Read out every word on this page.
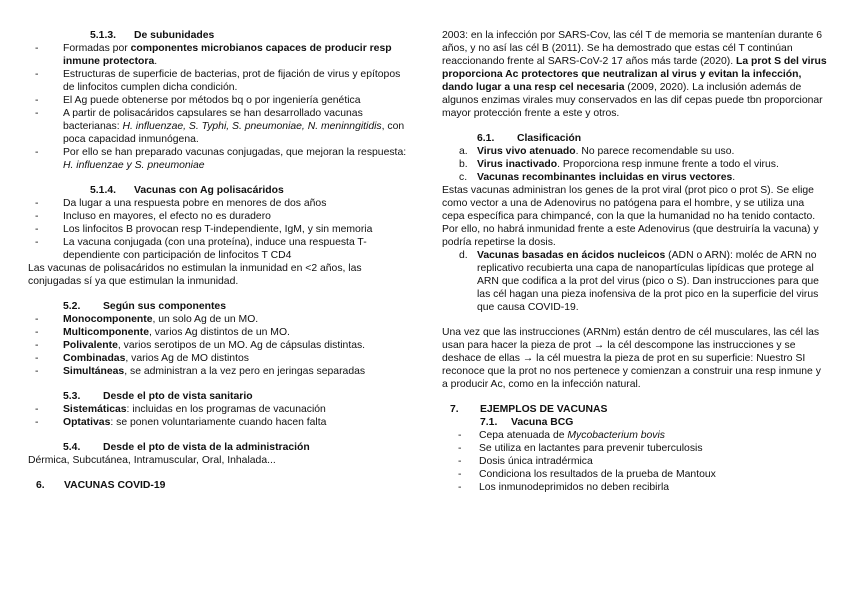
5.1.3. De subunidades

- Formadas por componentes microbianos capaces de producir resp inmune protectora.
- Estructuras de superficie de bacterias, prot de fijación de virus y epítopos de linfocitos cumplen dicha condición.
- El Ag puede obtenerse por métodos bq o por ingeniería genética
- A partir de polisacáridos capsulares se han desarrollado vacunas bacterianas: H. influenzae, S. Typhi, S. pneumoniae, N. meninngitidis, con poca capacidad inmunógena.
- Por ello se han preparado vacunas conjugadas, que mejoran la respuesta: H. influenzae y S. pneumoniae

5.1.4. Vacunas con Ag polisacáridos

- Da lugar a una respuesta pobre en menores de dos años
- Incluso en mayores, el efecto no es duradero
- Los linfocitos B provocan resp T-independiente, IgM, y sin memoria
- La vacuna conjugada (con una proteína), induce una respuesta T-dependiente con participación de linfocitos T CD4

Las vacunas de polisacáridos no estimulan la inmunidad en <2 años, las conjugadas sí ya que estimulan la inmunidad.

5.2. Según sus componentes

- Monocomponente, un solo Ag de un MO.
- Multicomponente, varios Ag distintos de un MO.
- Polivalente, varios serotipos de un MO. Ag de cápsulas distintas.
- Combinadas, varios Ag de MO distintos
- Simultáneas, se administran a la vez pero en jeringas separadas

5.3. Desde el pto de vista sanitario

- Sistemáticas: incluidas en los programas de vacunación
- Optativas: se ponen voluntariamente cuando hacen falta

5.4. Desde el pto de vista de la administración

Dérmica, Subcutánea, Intramuscular, Oral, Inhalada...

6. VACUNAS COVID-19

2003: en la infección por SARS-Cov, las cél T de memoria se mantenían durante 6 años, y no así las cél B (2011). Se ha demostrado que estas cél T continúan reaccionando frente al SARS-CoV-2 17 años más tarde (2020). La prot S del virus proporciona Ac protectores que neutralizan al virus y evitan la infección, dando lugar a una resp cel necesaria (2009, 2020). La inclusión además de algunos enzimas virales muy conservados en las dif cepas puede tbn proporcionar mayor protección frente a este y otros.

6.1. Clasificación

a. Virus vivo atenuado. No parece recomendable su uso.
b. Virus inactivado. Proporciona resp inmune frente a todo el virus.
c. Vacunas recombinantes incluidas en virus vectores.

Estas vacunas administran los genes de la prot viral (prot pico o prot S). Se elige como vector a una de Adenovirus no patógena para el hombre, y se utiliza una cepa específica para chimpancé, con la que la humanidad no ha tenido contacto. Por ello, no habrá inmunidad frente a este Adenovirus (que destruiría la vacuna) y podría repetirse la dosis.

d. Vacunas basadas en ácidos nucleicos (ADN o ARN): moléc de ARN no replicativo recubierta una capa de nanopartículas lipídicas que protege al ARN que codifica a la prot del virus (pico o S). Dan instrucciones para que las cél hagan una pieza inofensiva de la prot pico en la superficie del virus que causa COVID-19.

Una vez que las instrucciones (ARNm) están dentro de cél musculares, las cél las usan para hacer la pieza de prot → la cél descompone las instrucciones y se deshace de ellas → la cél muestra la pieza de prot en su superficie: Nuestro SI reconoce que la prot no nos pertenece y comienzan a construir una resp inmune y a producir Ac, como en la infección natural.

7. EJEMPLOS DE VACUNAS

7.1. Vacuna BCG

- Cepa atenuada de Mycobacterium bovis
- Se utiliza en lactantes para prevenir tuberculosis
- Dosis única intradérmica
- Condiciona los resultados de la prueba de Mantoux
- Los inmunodeprimidos no deben recibirla
